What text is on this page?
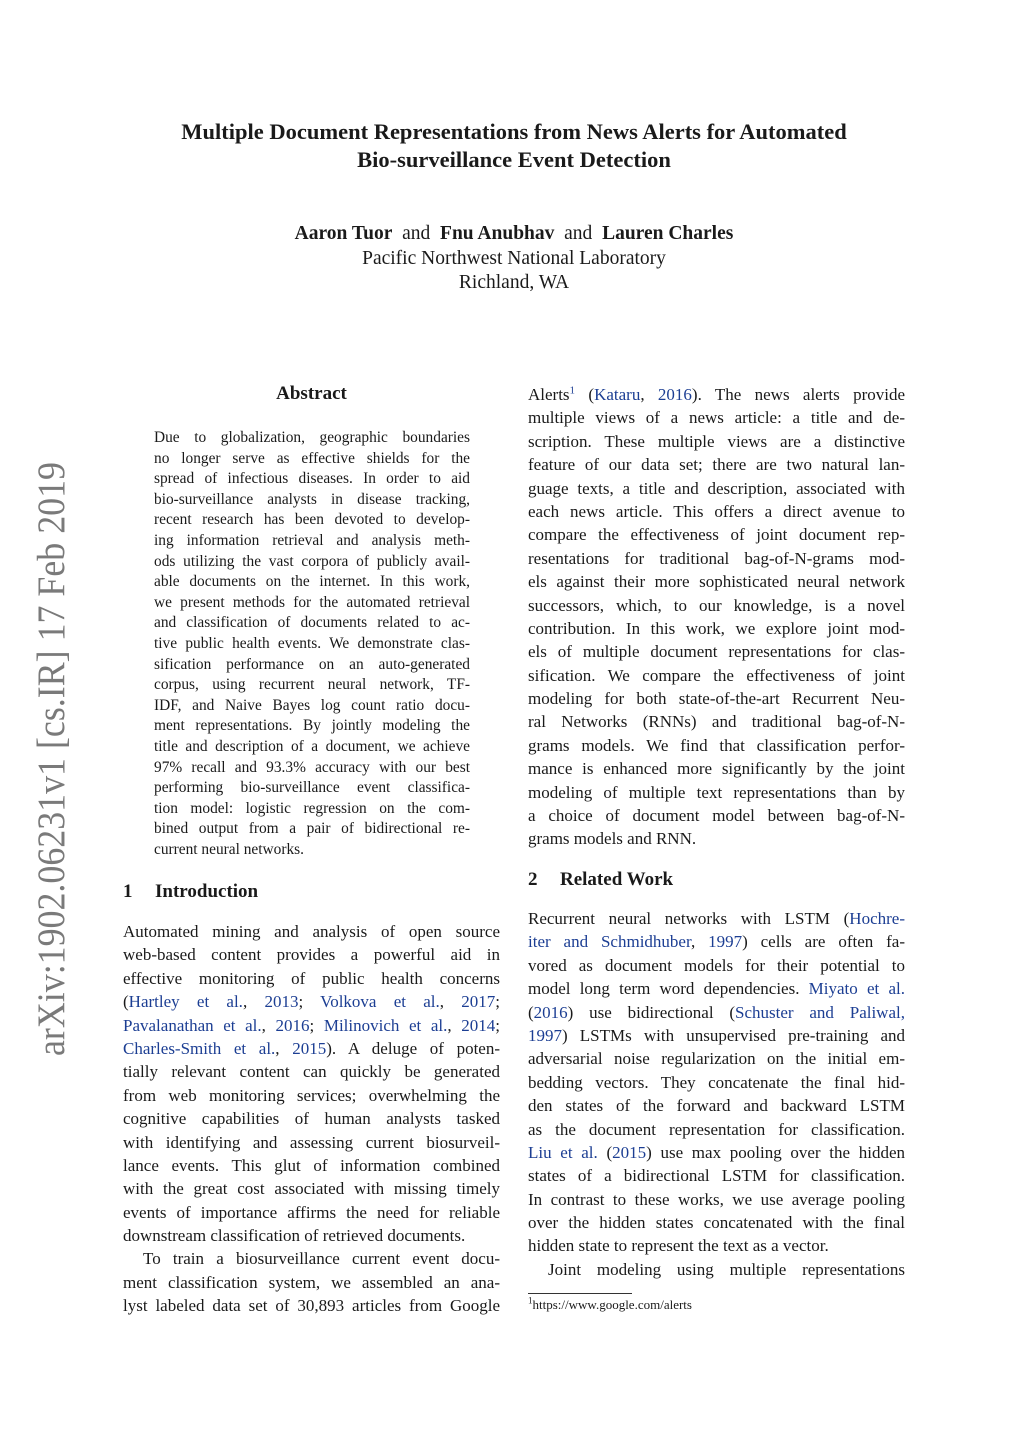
arXiv:1902.06231v1 [cs.IR] 17 Feb 2019
Multiple Document Representations from News Alerts for Automated
Bio-surveillance Event Detection
Aaron Tuor and Fnu Anubhav and Lauren Charles
Pacific Northwest National Laboratory
Richland, WA
Abstract
Due to globalization, geographic boundaries
no longer serve as effective shields for the
spread of infectious diseases. In order to aid
bio-surveillance analysts in disease tracking,
recent research has been devoted to develop-
ing information retrieval and analysis meth-
ods utilizing the vast corpora of publicly avail-
able documents on the internet. In this work,
we present methods for the automated retrieval
and classification of documents related to ac-
tive public health events. We demonstrate clas-
sification performance on an auto-generated
corpus, using recurrent neural network, TF-
IDF, and Naive Bayes log count ratio docu-
ment representations. By jointly modeling the
title and description of a document, we achieve
97% recall and 93.3% accuracy with our best
performing bio-surveillance event classifica-
tion model: logistic regression on the com-
bined output from a pair of bidirectional re-
current neural networks.
1 Introduction
Automated mining and analysis of open source
web-based content provides a powerful aid in
effective monitoring of public health concerns
(Hartley et al., 2013; Volkova et al., 2017;
Pavalanathan et al., 2016; Milinovich et al., 2014;
Charles-Smith et al., 2015). A deluge of poten-
tially relevant content can quickly be generated
from web monitoring services; overwhelming the
cognitive capabilities of human analysts tasked
with identifying and assessing current biosurveil-
lance events. This glut of information combined
with the great cost associated with missing timely
events of importance affirms the need for reliable
downstream classification of retrieved documents.
To train a biosurveillance current event docu-
ment classification system, we assembled an ana-
lyst labeled data set of 30,893 articles from Google
Alerts$^1$ (Kataru, 2016). The news alerts provide
multiple views of a news article: a title and de-
scription. These multiple views are a distinctive
feature of our data set; there are two natural lan-
guage texts, a title and description, associated with
each news article. This offers a direct avenue to
compare the effectiveness of joint document rep-
resentations for traditional bag-of-N-grams mod-
els against their more sophisticated neural network
successors, which, to our knowledge, is a novel
contribution. In this work, we explore joint mod-
els of multiple document representations for clas-
sification. We compare the effectiveness of joint
modeling for both state-of-the-art Recurrent Neu-
ral Networks (RNNs) and traditional bag-of-N-
grams models. We find that classification perfor-
mance is enhanced more significantly by the joint
modeling of multiple text representations than by
a choice of document model between bag-of-N-
grams models and RNN.
2 Related Work
Recurrent neural networks with LSTM (Hochre-
iter and Schmidhuber, 1997) cells are often fa-
vored as document models for their potential to
model long term word dependencies. Miyato et al.
(2016) use bidirectional (Schuster and Paliwal,
1997) LSTMs with unsupervised pre-training and
adversarial noise regularization on the initial em-
bedding vectors. They concatenate the final hid-
den states of the forward and backward LSTM
as the document representation for classification.
Liu et al. (2015) use max pooling over the hidden
states of a bidirectional LSTM for classification.
In contrast to these works, we use average pooling
over the hidden states concatenated with the final
hidden state to represent the text as a vector.
Joint modeling using multiple representations
$^1$https://www.google.com/alerts
